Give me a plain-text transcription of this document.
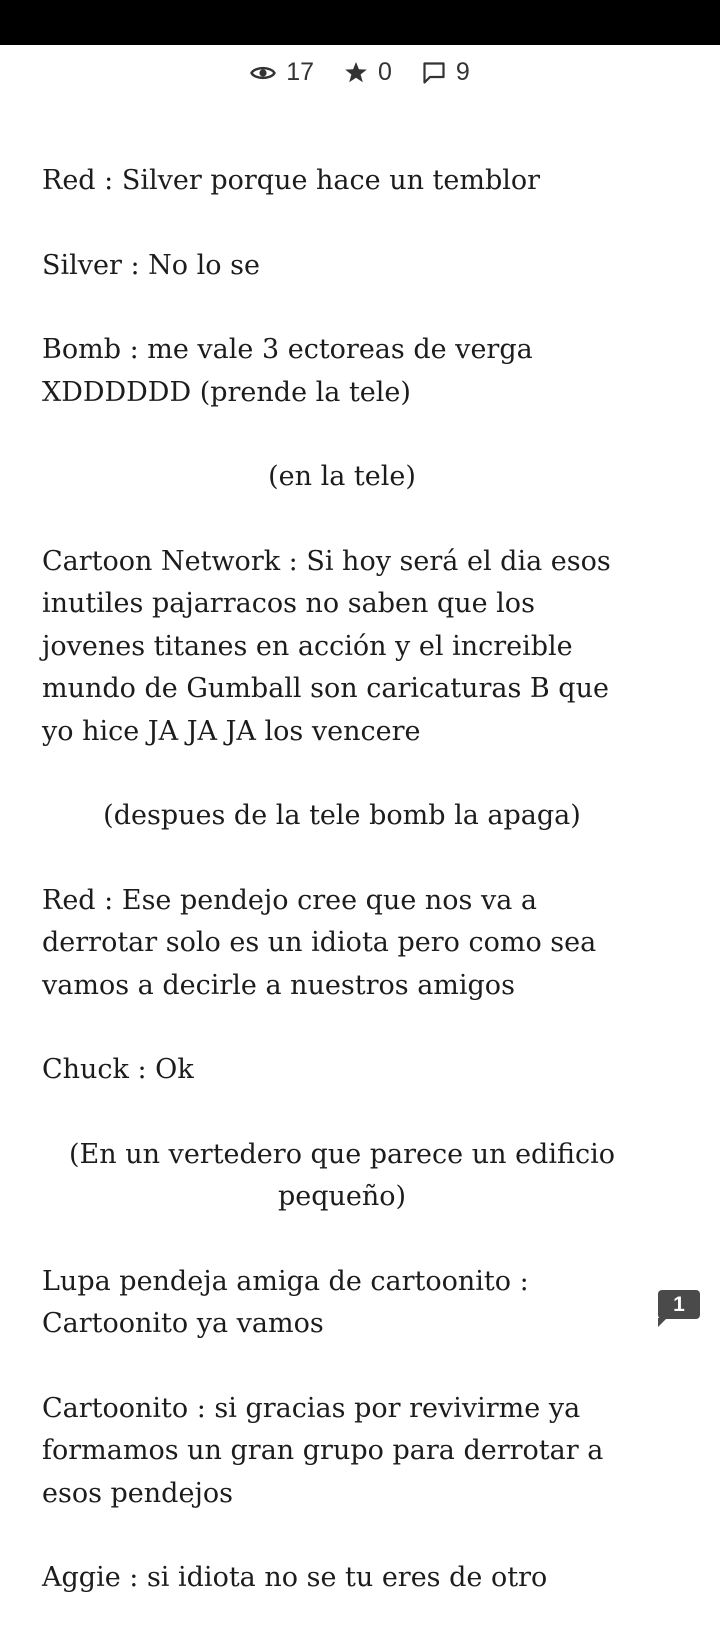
17	0	9

Red : Silver porque hace un temblor

Silver : No lo se

Bomb : me vale 3 ectoreas de verga XDDDDDD (prende la tele)

(en la tele)

Cartoon Network : Si hoy será el dia esos inutiles pajarracos no saben que los jovenes titanes en acción y el increible mundo de Gumball son caricaturas B que yo hice JA JA JA los vencere

(despues de la tele bomb la apaga)

Red : Ese pendejo cree que nos va a derrotar solo es un idiota pero como sea vamos a decirle a nuestros amigos

Chuck : Ok

(En un vertedero que parece un edificio pequeño)

Lupa pendeja amiga de cartoonito : Cartoonito ya vamos

Cartoonito : si gracias por revivirme ya formamos un gran grupo para derrotar a esos pendejos

Aggie : si idiota no se tu eres de otro

1
